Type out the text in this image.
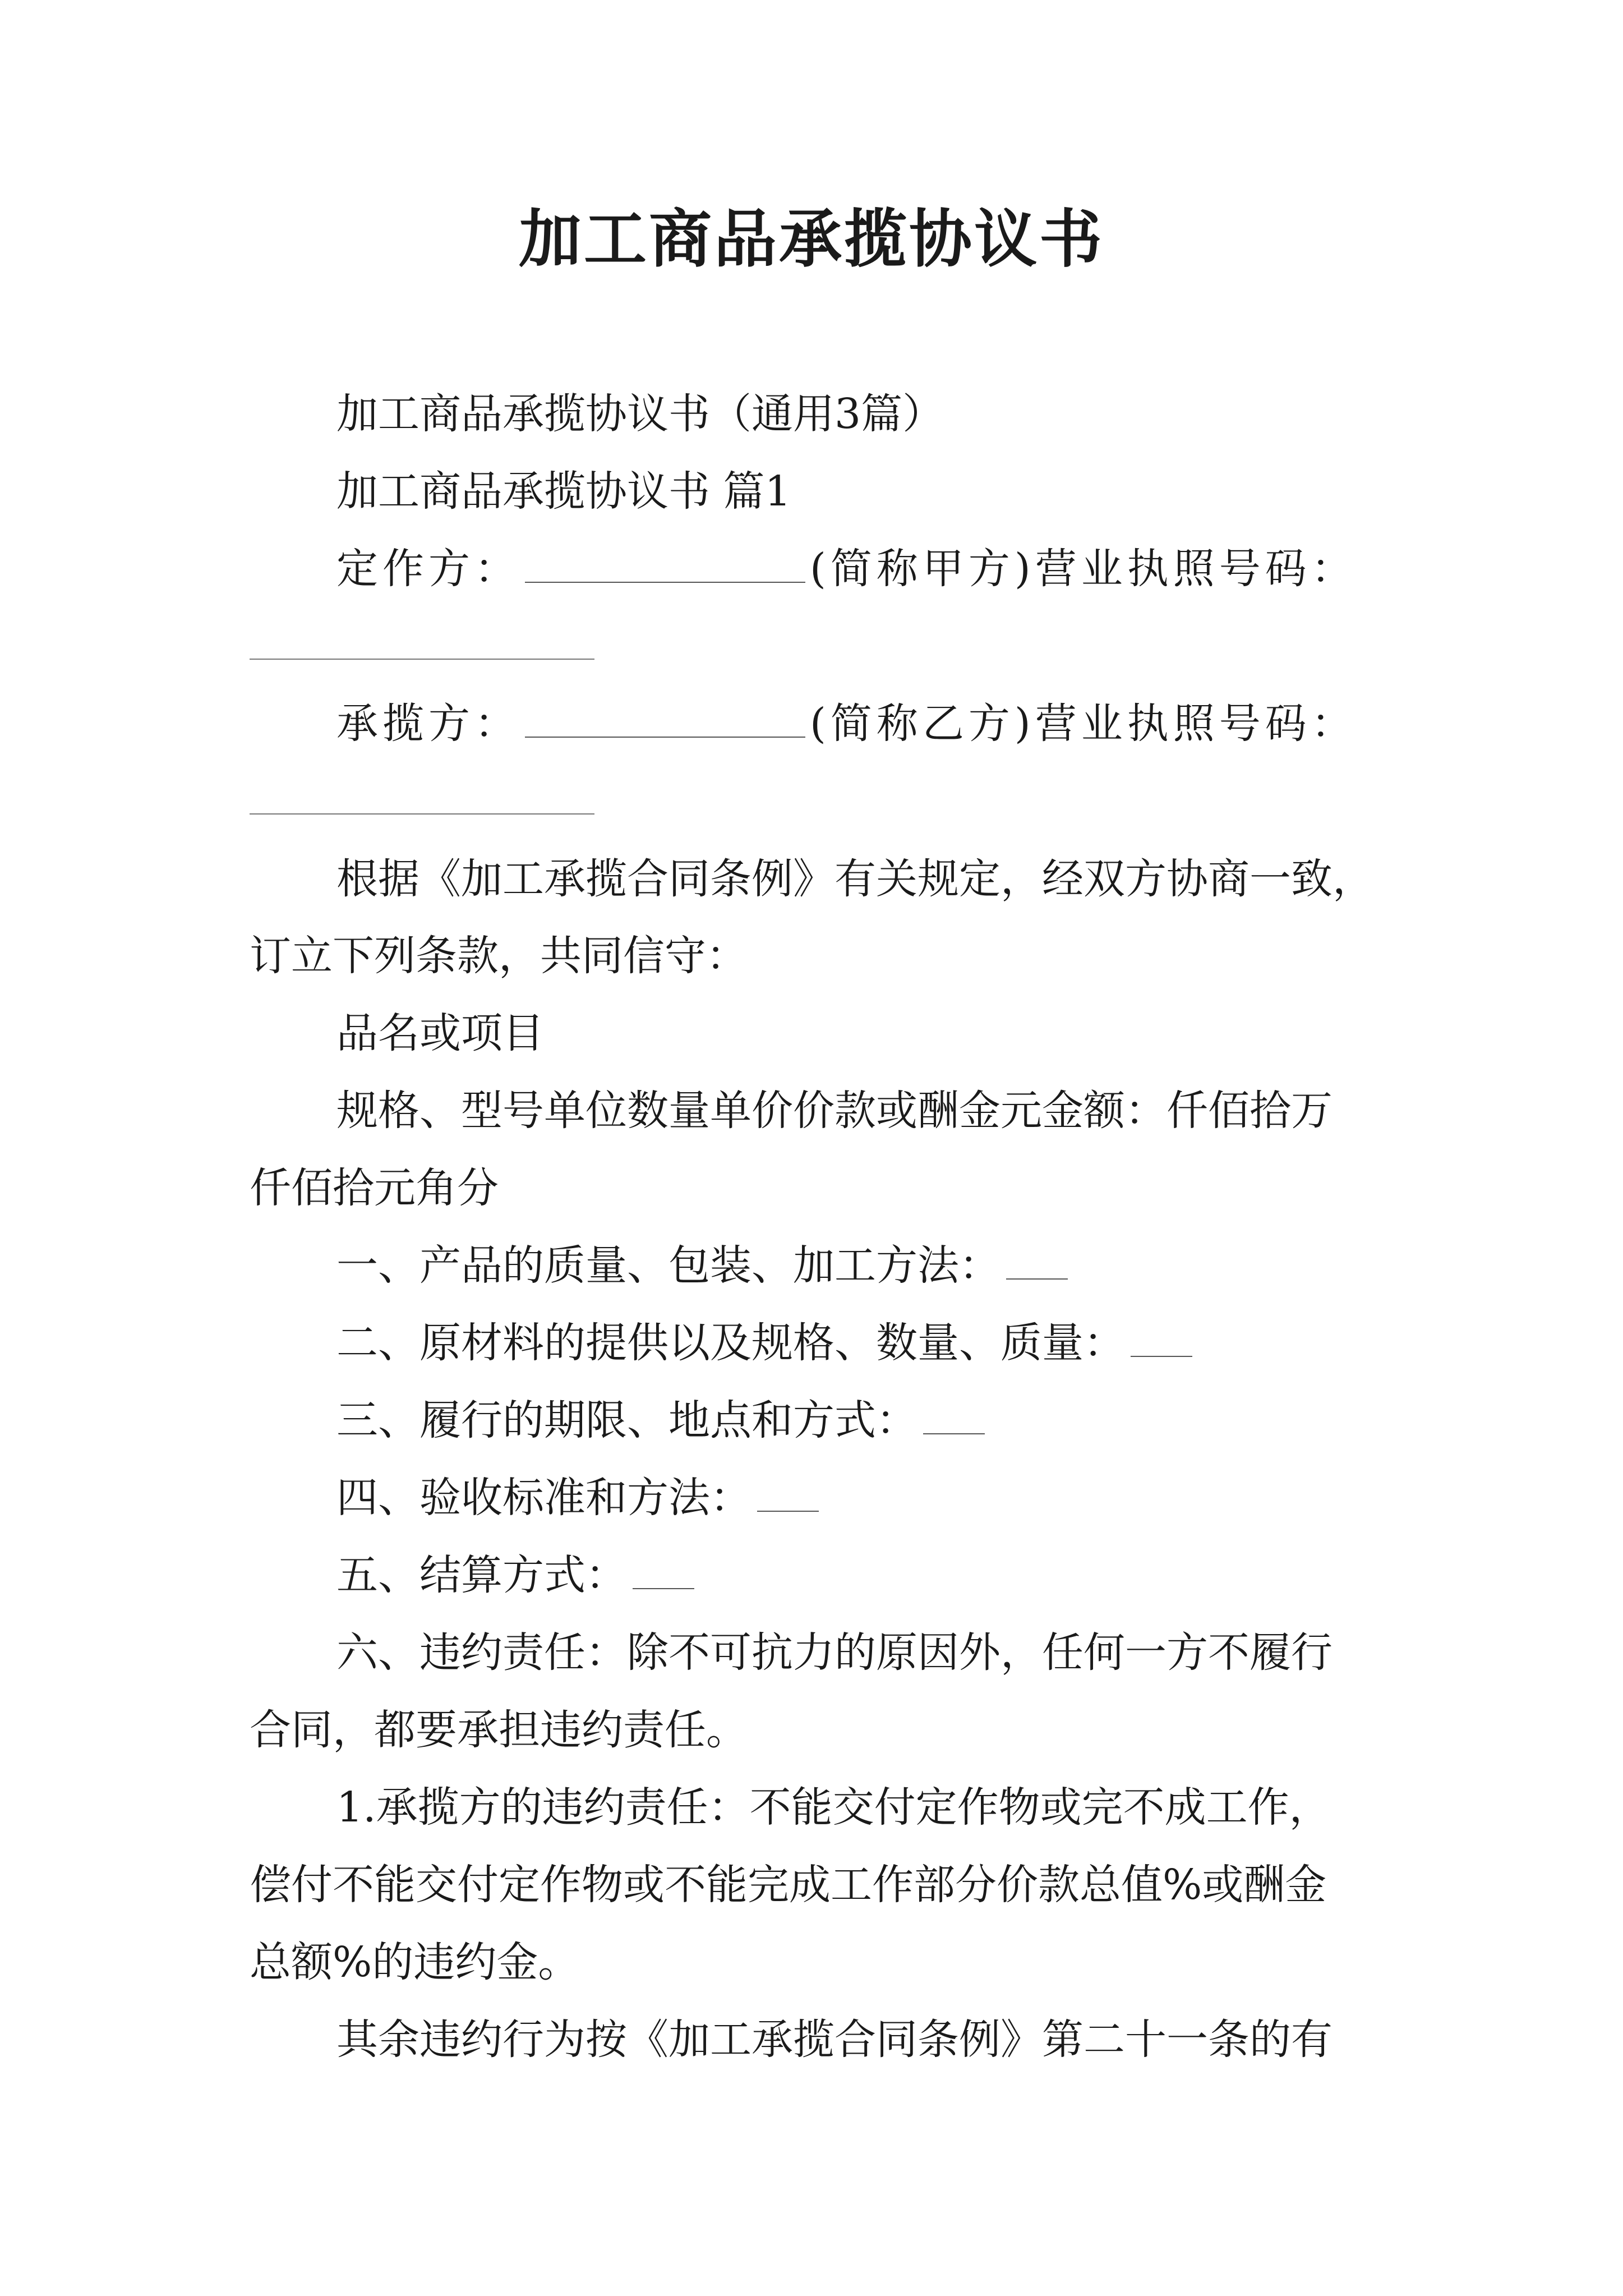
加工商品承揽协议书
加工商品承揽协议书（通用3篇）
加工商品承揽协议书 篇1
定作方：	(简称甲方)营业执照号码：
承揽方：	(简称乙方)营业执照号码：
根据《加工承揽合同条例》有关规定，经双方协商一致，
订立下列条款，共同信守：
品名或项目
规格、型号单位数量单价价款或酬金元金额：仟佰拾万
仟佰拾元角分
一、产品的质量、包装、加工方法：
二、原材料的提供以及规格、数量、质量：
三、履行的期限、地点和方式：
四、验收标准和方法：
五、结算方式：
六、违约责任：除不可抗力的原因外，任何一方不履行
合同，都要承担违约责任。
1.承揽方的违约责任：不能交付定作物或完不成工作，
偿付不能交付定作物或不能完成工作部分价款总值%或酬金
总额%的违约金。
其余违约行为按《加工承揽合同条例》第二十一条的有
